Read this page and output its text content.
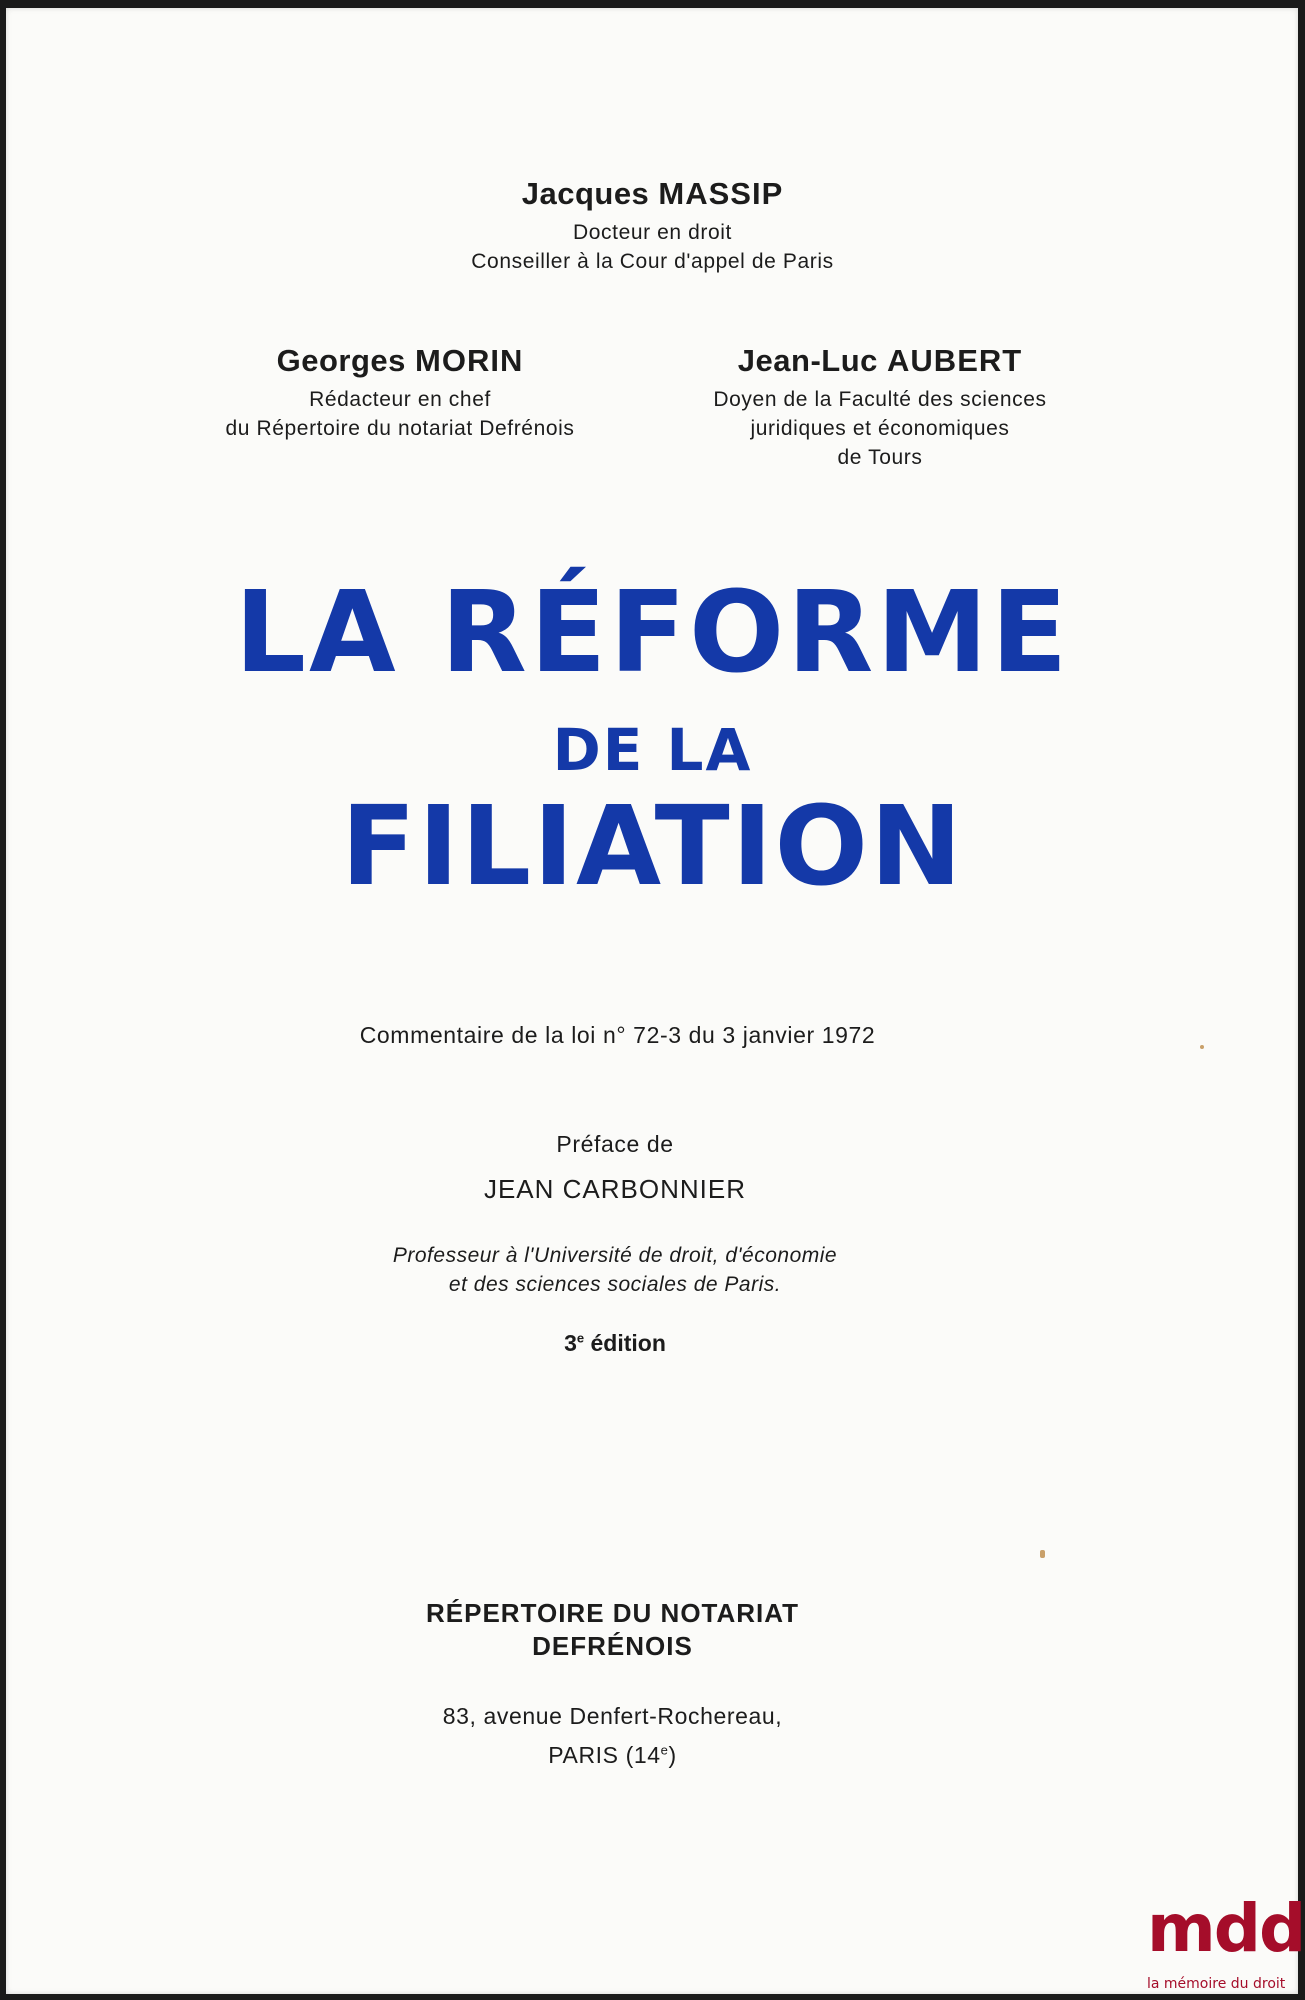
Jacques MASSIP
Docteur en droit
Conseiller à la Cour d'appel de Paris
Georges MORIN
Rédacteur en chef
du Répertoire du notariat Defrénois
Jean-Luc AUBERT
Doyen de la Faculté des sciences
juridiques et économiques
de Tours
LA RÉFORME
DE LA
FILIATION
Commentaire de la loi n° 72-3 du 3 janvier 1972
Préface de
JEAN CARBONNIER
Professeur à l'Université de droit, d'économie
et des sciences sociales de Paris.
3e édition
RÉPERTOIRE DU NOTARIAT
DEFRÉNOIS
83, avenue Denfert-Rochereau,
PARIS (14e)
mdd
la mémoire du droit
